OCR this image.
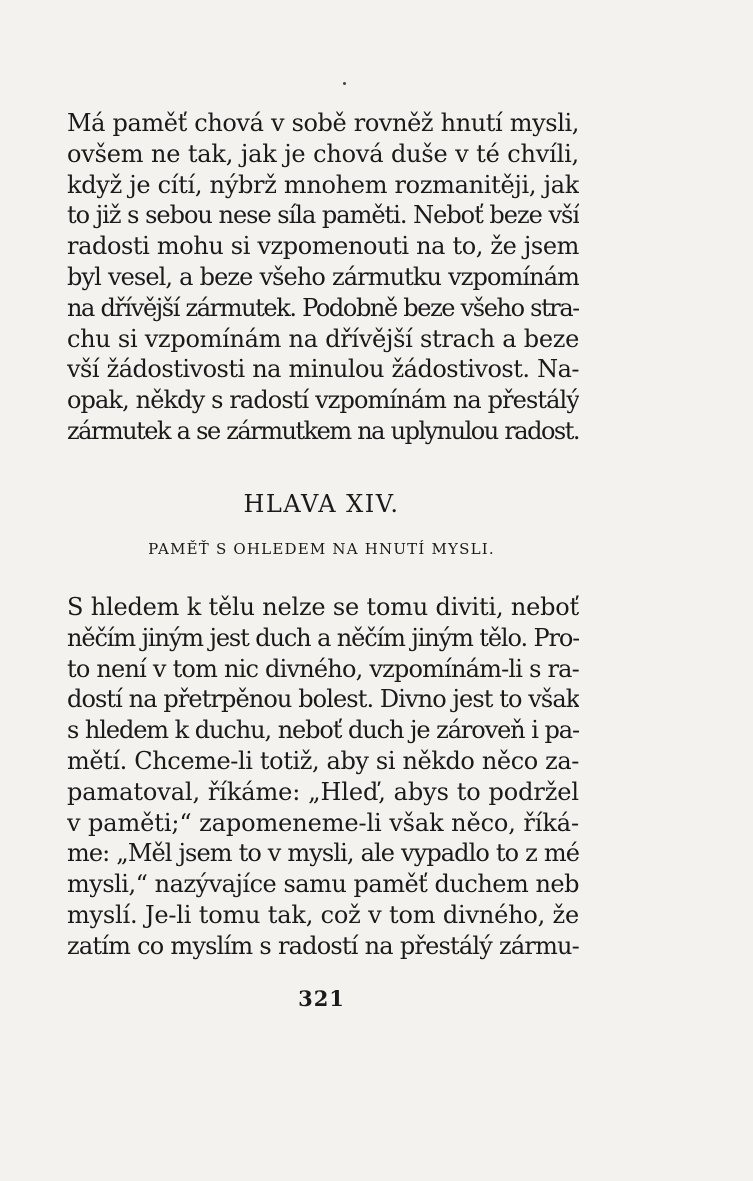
Má paměť chová v sobě rovněž hnutí mysli,
ovšem ne tak, jak je chová duše v té chvíli,
když je cítí, nýbrž mnohem rozmanitěji, jak
to již s sebou nese síla paměti. Neboť beze vší
radosti mohu si vzpomenouti na to, že jsem
byl vesel, a beze všeho zármutku vzpomínám
na dřívější zármutek. Podobně beze všeho stra-
chu si vzpomínám na dřívější strach a beze
vší žádostivosti na minulou žádostivost. Na-
opak, někdy s radostí vzpomínám na přestálý
zármutek a se zármutkem na uplynulou radost.
HLAVA XIV.
PAMĚŤ S OHLEDEM NA HNUTÍ MYSLI.
S hledem k tělu nelze se tomu diviti, neboť
něčím jiným jest duch a něčím jiným tělo. Pro-
to není v tom nic divného, vzpomínám-li s ra-
dostí na přetrpěnou bolest. Divno jest to však
s hledem k duchu, neboť duch je zároveň i pa-
mětí. Chceme-li totiž, aby si někdo něco za-
pamatoval, říkáme: „Hleď, abys to podržel
v paměti;“ zapomeneme-li však něco, říká-
me: „Měl jsem to v mysli, ale vypadlo to z mé
mysli,“ nazývajíce samu paměť duchem neb
myslí. Je-li tomu tak, což v tom divného, že
zatím co myslím s radostí na přestálý zármu-
321
